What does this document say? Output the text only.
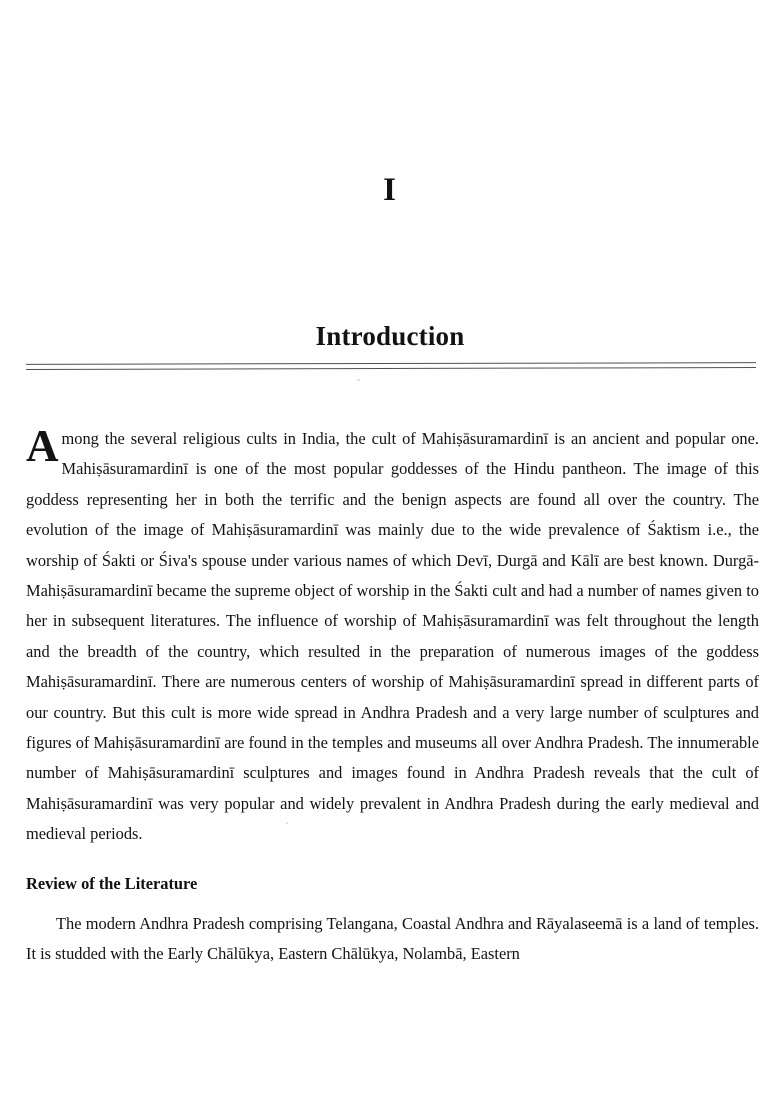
I
Introduction

Among the several religious cults in India, the cult of Mahiṣāsuramardinī is an ancient and popular one. Mahiṣāsuramardinī is one of the most popular goddesses of the Hindu pantheon. The image of this goddess representing her in both the terrific and the benign aspects are found all over the country. The evolution of the image of Mahiṣāsuramardinī was mainly due to the wide prevalence of Śaktism i.e., the worship of Śakti or Śiva's spouse under various names of which Devī, Durgā and Kālī are best known. Durgā-Mahiṣāsuramardinī became the supreme object of worship in the Śakti cult and had a number of names given to her in subsequent literatures. The influence of worship of Mahiṣāsuramardinī was felt throughout the length and the breadth of the country, which resulted in the preparation of numerous images of the goddess Mahiṣāsuramardinī. There are numerous centers of worship of Mahiṣāsuramardinī spread in different parts of our country. But this cult is more wide spread in Andhra Pradesh and a very large number of sculptures and figures of Mahiṣāsuramardinī are found in the temples and museums all over Andhra Pradesh. The innumerable number of Mahiṣāsuramardinī sculptures and images found in Andhra Pradesh reveals that the cult of Mahiṣāsuramardinī was very popular and widely prevalent in Andhra Pradesh during the early medieval and medieval periods.

Review of the Literature

The modern Andhra Pradesh comprising Telangana, Coastal Andhra and Rāyalaseemā is a land of temples. It is studded with the Early Chālūkya, Eastern Chālūkya, Nolambā, Eastern
